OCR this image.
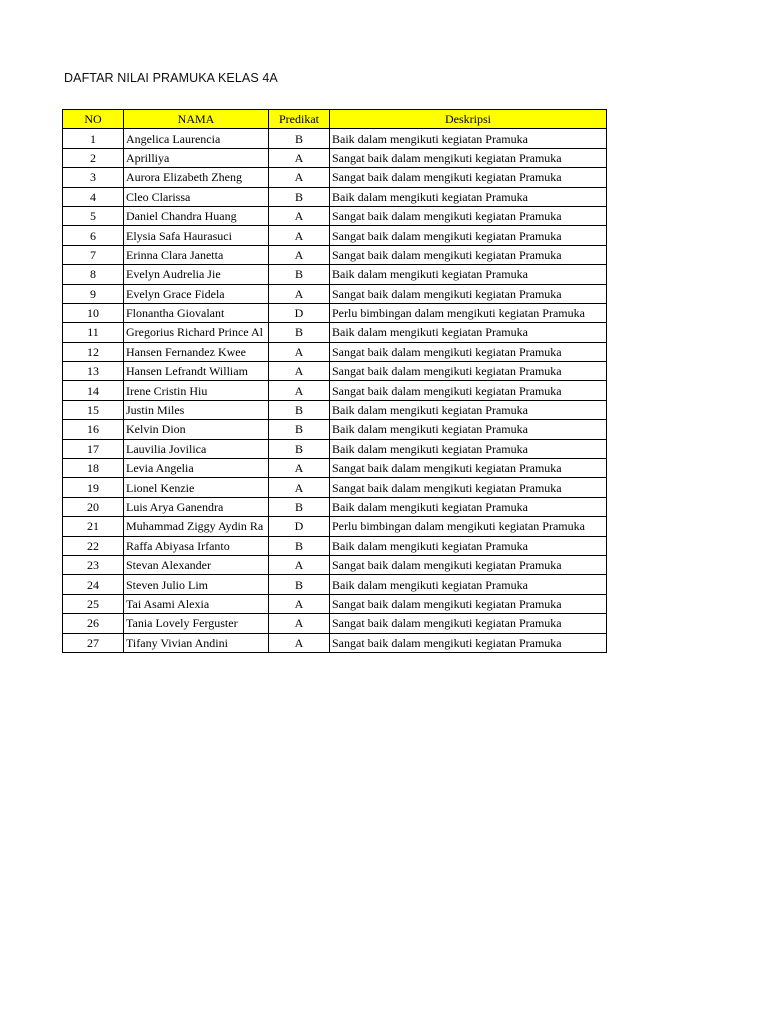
DAFTAR NILAI PRAMUKA KELAS 4A
NO	NAMA	Predikat	Deskripsi
1	Angelica Laurencia	B	Baik dalam mengikuti kegiatan Pramuka
2	Aprilliya	A	Sangat baik dalam mengikuti kegiatan Pramuka
3	Aurora Elizabeth Zheng	A	Sangat baik dalam mengikuti kegiatan Pramuka
4	Cleo Clarissa	B	Baik dalam mengikuti kegiatan Pramuka
5	Daniel Chandra Huang	A	Sangat baik dalam mengikuti kegiatan Pramuka
6	Elysia Safa Haurasuci	A	Sangat baik dalam mengikuti kegiatan Pramuka
7	Erinna Clara Janetta	A	Sangat baik dalam mengikuti kegiatan Pramuka
8	Evelyn Audrelia Jie	B	Baik dalam mengikuti kegiatan Pramuka
9	Evelyn Grace Fidela	A	Sangat baik dalam mengikuti kegiatan Pramuka
10	Flonantha Giovalant	D	Perlu bimbingan dalam mengikuti kegiatan Pramuka
11	Gregorius Richard Prince Al	B	Baik dalam mengikuti kegiatan Pramuka
12	Hansen Fernandez Kwee	A	Sangat baik dalam mengikuti kegiatan Pramuka
13	Hansen Lefrandt William	A	Sangat baik dalam mengikuti kegiatan Pramuka
14	Irene Cristin Hiu	A	Sangat baik dalam mengikuti kegiatan Pramuka
15	Justin Miles	B	Baik dalam mengikuti kegiatan Pramuka
16	Kelvin Dion	B	Baik dalam mengikuti kegiatan Pramuka
17	Lauvilia Jovilica	B	Baik dalam mengikuti kegiatan Pramuka
18	Levia Angelia	A	Sangat baik dalam mengikuti kegiatan Pramuka
19	Lionel Kenzie	A	Sangat baik dalam mengikuti kegiatan Pramuka
20	Luis Arya Ganendra	B	Baik dalam mengikuti kegiatan Pramuka
21	Muhammad Ziggy Aydin Ra	D	Perlu bimbingan dalam mengikuti kegiatan Pramuka
22	Raffa Abiyasa Irfanto	B	Baik dalam mengikuti kegiatan Pramuka
23	Stevan Alexander	A	Sangat baik dalam mengikuti kegiatan Pramuka
24	Steven Julio Lim	B	Baik dalam mengikuti kegiatan Pramuka
25	Tai Asami Alexia	A	Sangat baik dalam mengikuti kegiatan Pramuka
26	Tania Lovely Ferguster	A	Sangat baik dalam mengikuti kegiatan Pramuka
27	Tifany Vivian Andini	A	Sangat baik dalam mengikuti kegiatan Pramuka
